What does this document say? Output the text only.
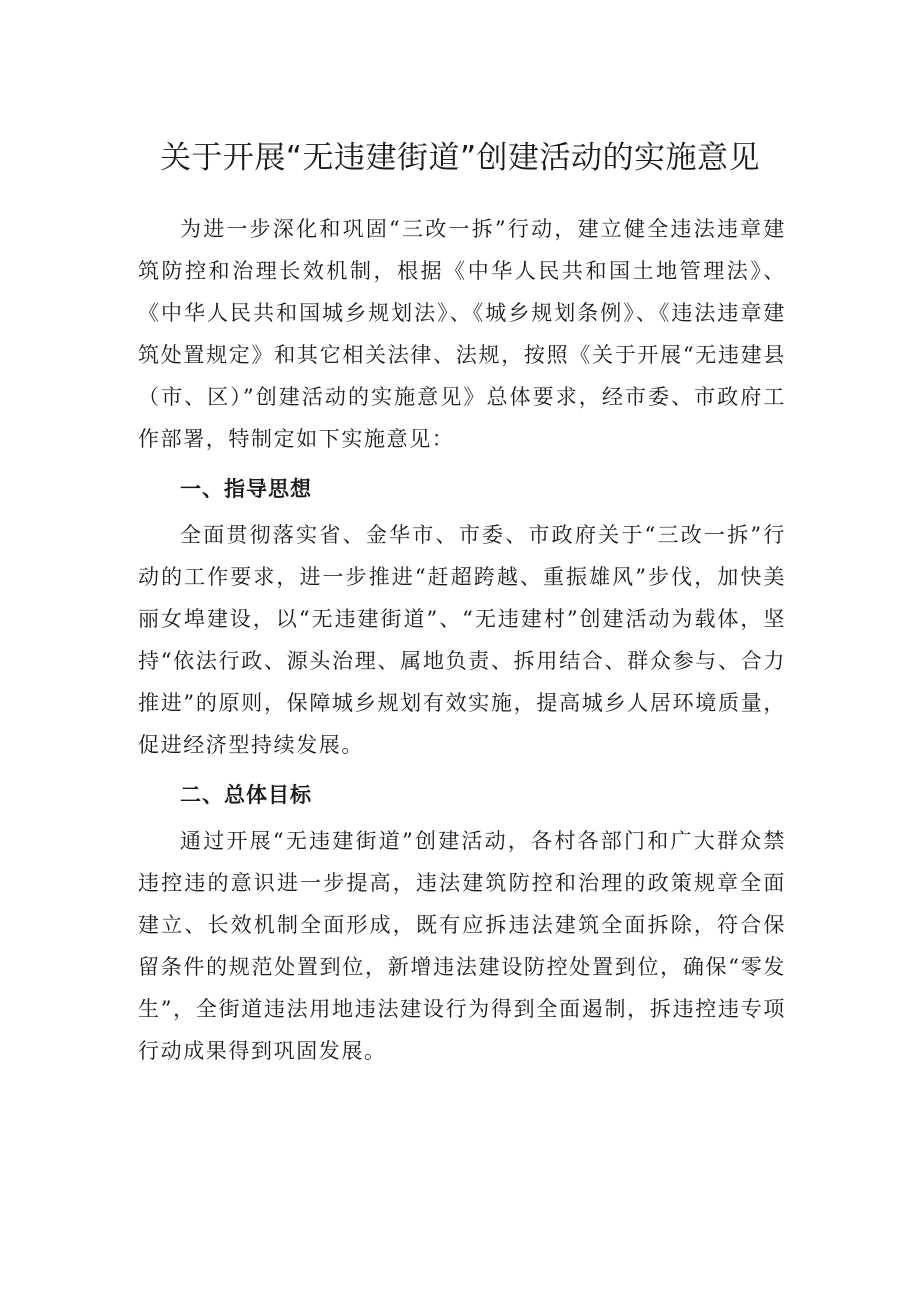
关于开展“无违建街道”创建活动的实施意见

为进一步深化和巩固“三改一拆”行动，建立健全违法违章建筑防控和治理长效机制，根据《中华人民共和国土地管理法》、《中华人民共和国城乡规划法》、《城乡规划条例》、《违法违章建筑处置规定》和其它相关法律、法规，按照《关于开展“无违建县（市、区）”创建活动的实施意见》总体要求，经市委、市政府工作部署，特制定如下实施意见：

一、指导思想

全面贯彻落实省、金华市、市委、市政府关于“三改一拆”行动的工作要求，进一步推进“赶超跨越、重振雄风”步伐，加快美丽女埠建设，以“无违建街道”、“无违建村”创建活动为载体，坚持“依法行政、源头治理、属地负责、拆用结合、群众参与、合力推进”的原则，保障城乡规划有效实施，提高城乡人居环境质量，促进经济型持续发展。

二、总体目标

通过开展“无违建街道”创建活动，各村各部门和广大群众禁违控违的意识进一步提高，违法建筑防控和治理的政策规章全面建立、长效机制全面形成，既有应拆违法建筑全面拆除，符合保留条件的规范处置到位，新增违法建设防控处置到位，确保“零发生”，全街道违法用地违法建设行为得到全面遏制，拆违控违专项行动成果得到巩固发展。
